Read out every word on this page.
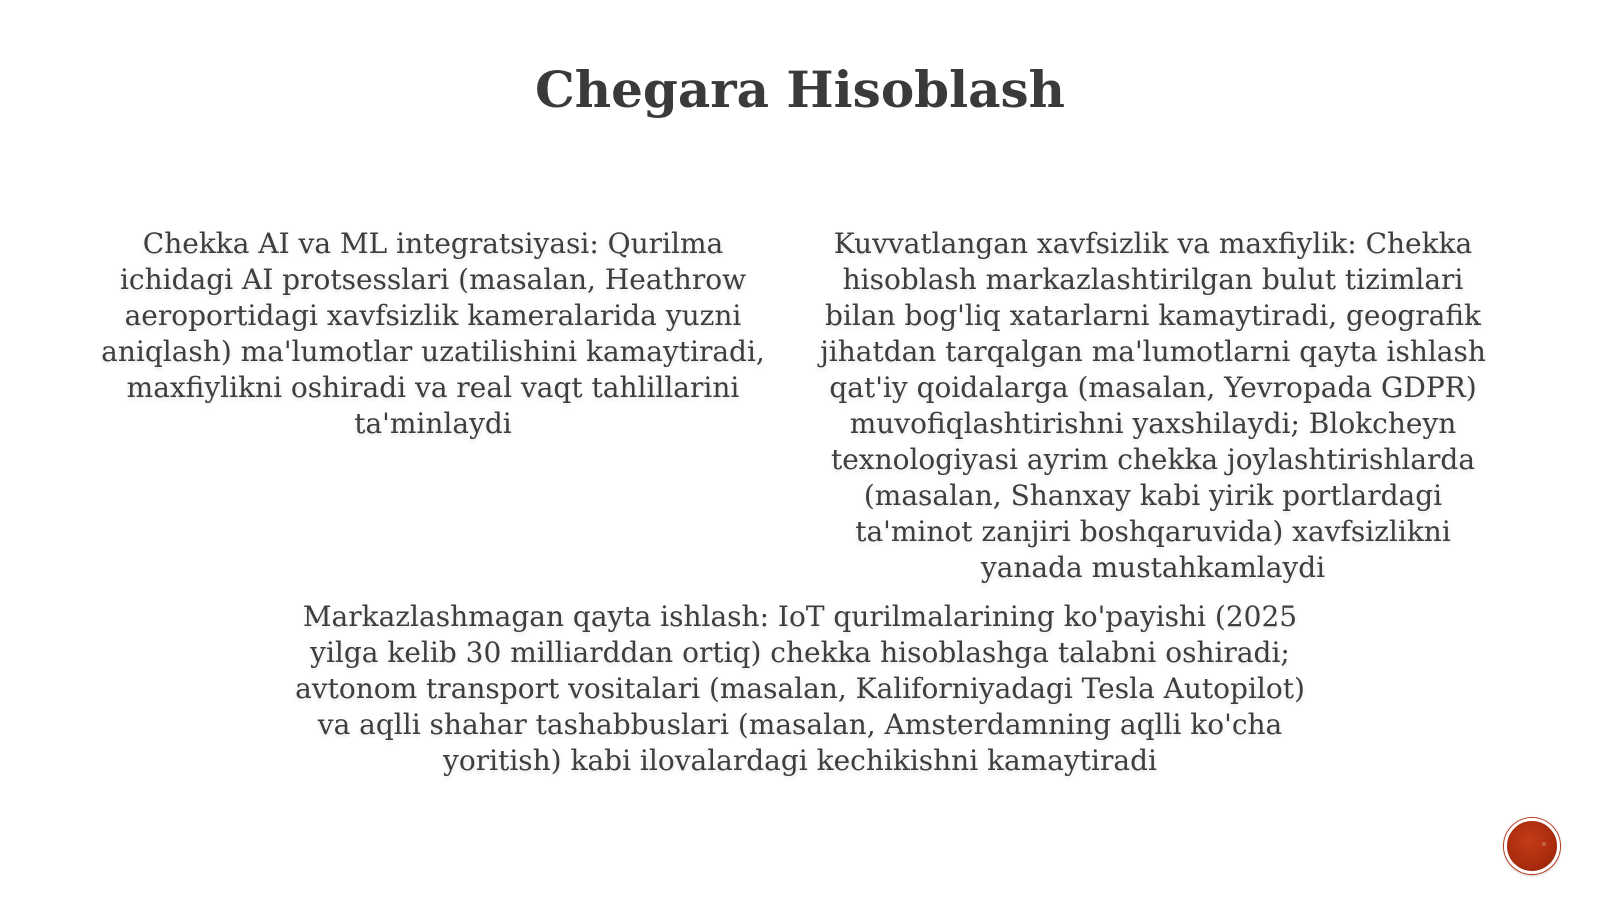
Chegara Hisoblash

Chekka AI va ML integratsiyasi: Qurilma ichidagi AI protsesslari (masalan, Heathrow aeroportidagi xavfsizlik kameralarida yuzni aniqlash) ma'lumotlar uzatilishini kamaytiradi, maxfiylikni oshiradi va real vaqt tahlillarini ta'minlaydi

Kuvvatlangan xavfsizlik va maxfiylik: Chekka hisoblash markazlashtirilgan bulut tizimlari bilan bog'liq xatarlarni kamaytiradi, geografik jihatdan tarqalgan ma'lumotlarni qayta ishlash qat'iy qoidalarga (masalan, Yevropada GDPR) muvofiqlashtirishni yaxshilaydi; Blokcheyn texnologiyasi ayrim chekka joylashtirishlarda (masalan, Shanxay kabi yirik portlardagi ta'minot zanjiri boshqaruvida) xavfsizlikni yanada mustahkamlaydi

Markazlashmagan qayta ishlash: IoT qurilmalarining ko'payishi (2025 yilga kelib 30 milliarddan ortiq) chekka hisoblashga talabni oshiradi; avtonom transport vositalari (masalan, Kaliforniyadagi Tesla Autopilot) va aqlli shahar tashabbuslari (masalan, Amsterdamning aqlli ko'cha yoritish) kabi ilovalardagi kechikishni kamaytiradi
